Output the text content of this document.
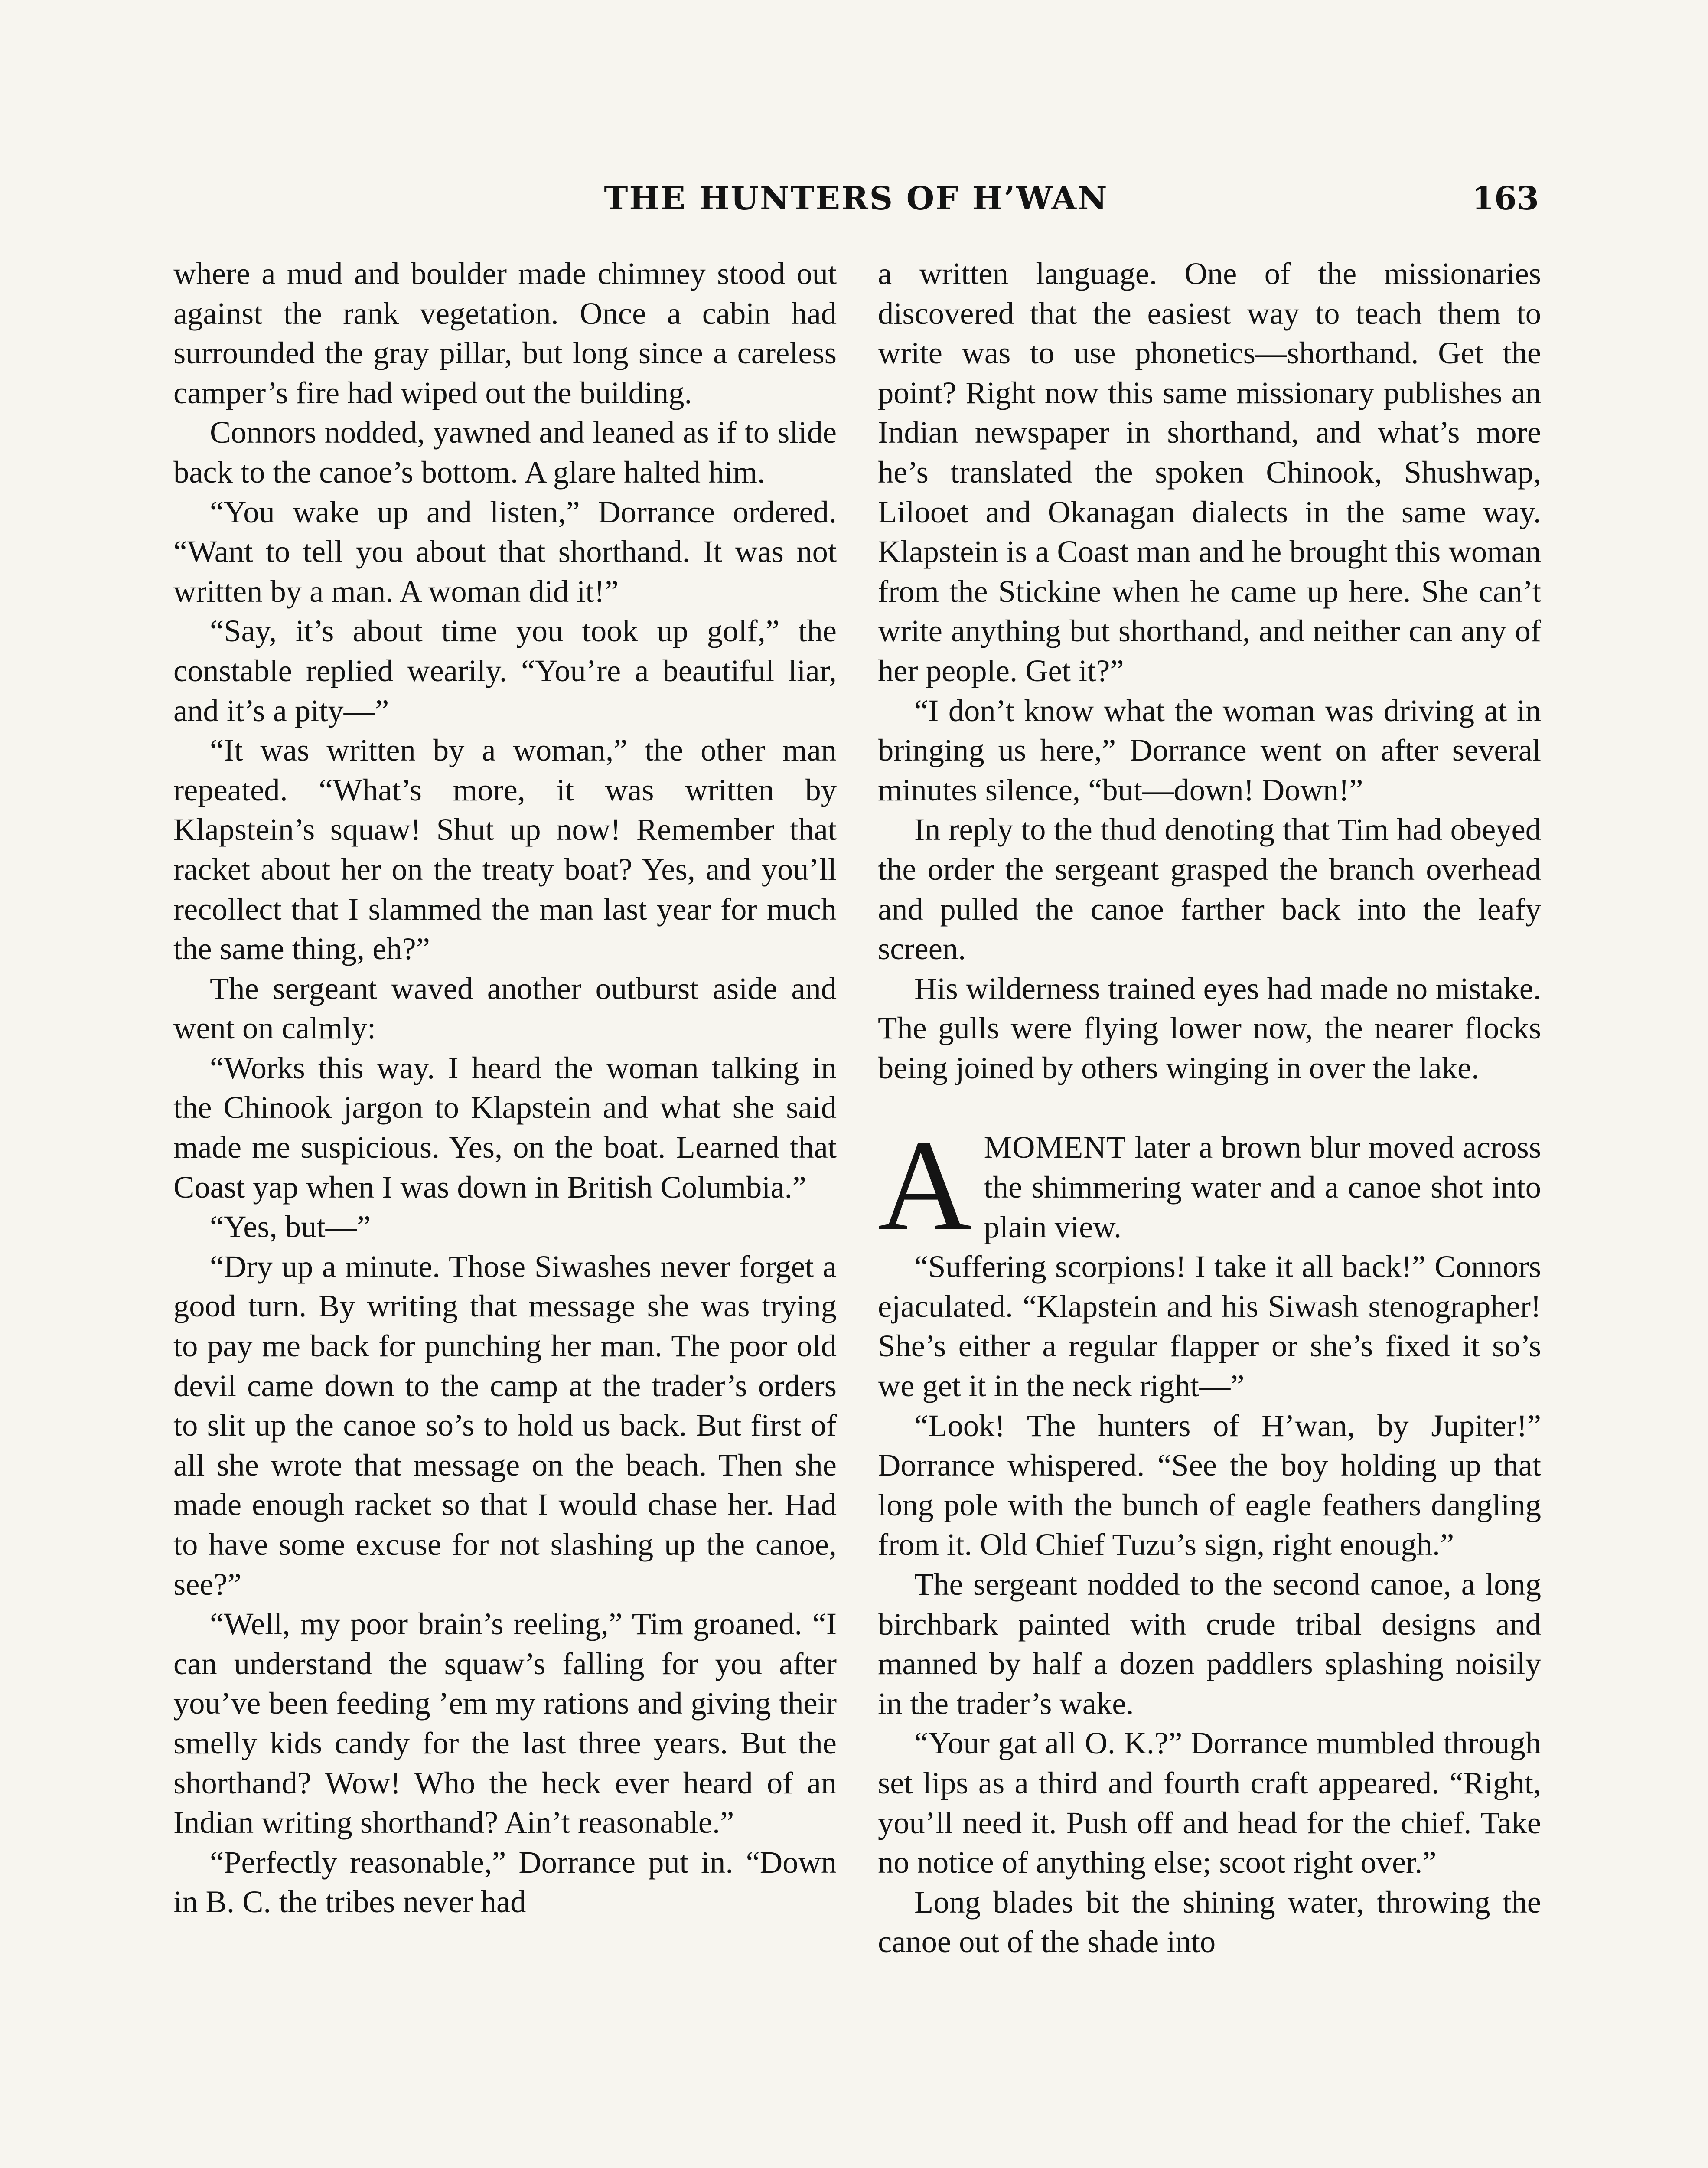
THE HUNTERS OF H’WAN	163

where a mud and boulder made chimney stood out against the rank vegetation. Once a cabin had surrounded the gray pillar, but long since a careless camper’s fire had wiped out the building.

Connors nodded, yawned and leaned as if to slide back to the canoe’s bottom. A glare halted him.

“You wake up and listen,” Dorrance ordered. “Want to tell you about that shorthand. It was not written by a man. A woman did it!”

“Say, it’s about time you took up golf,” the constable replied wearily. “You’re a beautiful liar, and it’s a pity—”

“It was written by a woman,” the other man repeated. “What’s more, it was written by Klapstein’s squaw! Shut up now! Remember that racket about her on the treaty boat? Yes, and you’ll recollect that I slammed the man last year for much the same thing, eh?”

The sergeant waved another outburst aside and went on calmly:

“Works this way. I heard the woman talking in the Chinook jargon to Klapstein and what she said made me suspicious. Yes, on the boat. Learned that Coast yap when I was down in British Columbia.”

“Yes, but—”

“Dry up a minute. Those Siwashes never forget a good turn. By writing that message she was trying to pay me back for punching her man. The poor old devil came down to the camp at the trader’s orders to slit up the canoe so’s to hold us back. But first of all she wrote that message on the beach. Then she made enough racket so that I would chase her. Had to have some excuse for not slashing up the canoe, see?”

“Well, my poor brain’s reeling,” Tim groaned. “I can understand the squaw’s falling for you after you’ve been feeding ’em my rations and giving their smelly kids candy for the last three years. But the shorthand? Wow! Who the heck ever heard of an Indian writing shorthand? Ain’t reasonable.”

“Perfectly reasonable,” Dorrance put in. “Down in B. C. the tribes never had

a written language. One of the missionaries discovered that the easiest way to teach them to write was to use phonetics—shorthand. Get the point? Right now this same missionary publishes an Indian newspaper in shorthand, and what’s more he’s translated the spoken Chinook, Shushwap, Lilooet and Okanagan dialects in the same way. Klapstein is a Coast man and he brought this woman from the Stickine when he came up here. She can’t write anything but shorthand, and neither can any of her people. Get it?”

“I don’t know what the woman was driving at in bringing us here,” Dorrance went on after several minutes silence, “but—down! Down!”

In reply to the thud denoting that Tim had obeyed the order the sergeant grasped the branch overhead and pulled the canoe farther back into the leafy screen.

His wilderness trained eyes had made no mistake. The gulls were flying lower now, the nearer flocks being joined by others winging in over the lake.

AMOMENT later a brown blur moved across the shimmering water and a canoe shot into plain view.

“Suffering scorpions! I take it all back!” Connors ejaculated. “Klapstein and his Siwash stenographer! She’s either a regular flapper or she’s fixed it so’s we get it in the neck right—”

“Look! The hunters of H’wan, by Jupiter!” Dorrance whispered. “See the boy holding up that long pole with the bunch of eagle feathers dangling from it. Old Chief Tuzu’s sign, right enough.”

The sergeant nodded to the second canoe, a long birchbark painted with crude tribal designs and manned by half a dozen paddlers splashing noisily in the trader’s wake.

“Your gat all O. K.?” Dorrance mumbled through set lips as a third and fourth craft appeared. “Right, you’ll need it. Push off and head for the chief. Take no notice of anything else; scoot right over.”

Long blades bit the shining water, throwing the canoe out of the shade into
